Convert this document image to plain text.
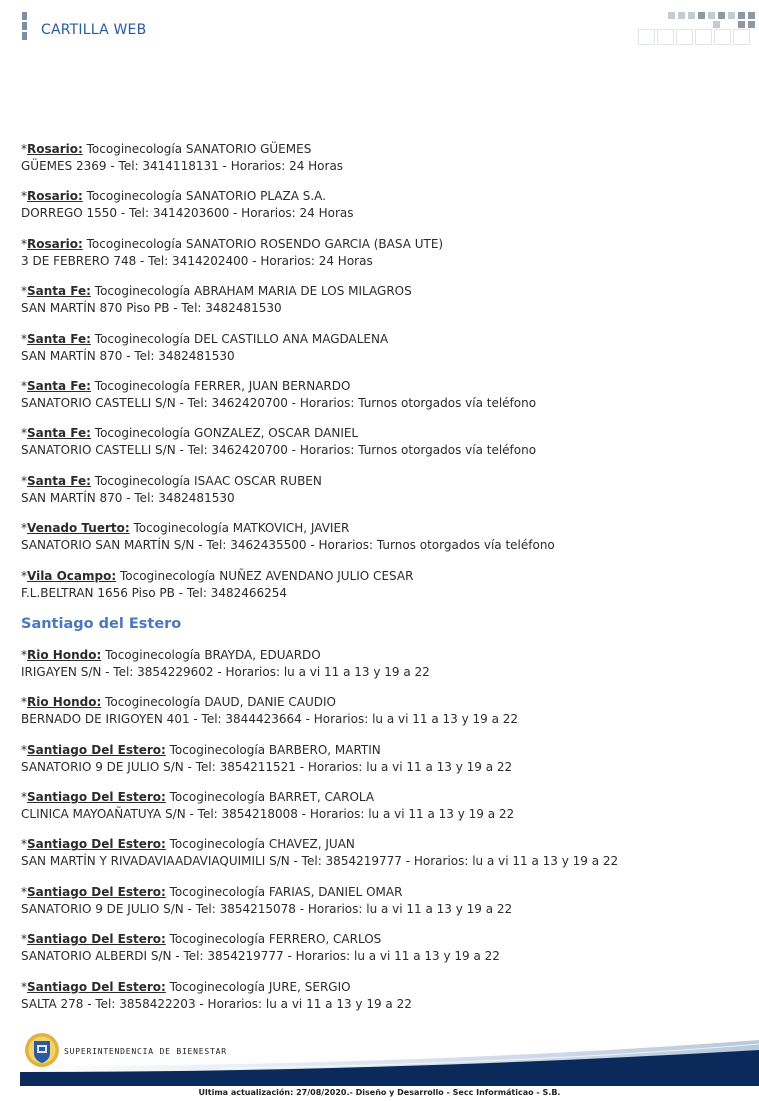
CARTILLA WEB
*Rosario: Tocoginecología SANATORIO GÜEMES
GÜEMES 2369 - Tel: 3414118131 - Horarios: 24 Horas
*Rosario: Tocoginecología SANATORIO PLAZA S.A.
DORREGO 1550 - Tel: 3414203600 - Horarios: 24 Horas
*Rosario: Tocoginecología SANATORIO ROSENDO GARCIA (BASA UTE)
3 DE FEBRERO 748 - Tel: 3414202400 - Horarios: 24 Horas
*Santa Fe: Tocoginecología ABRAHAM MARIA DE LOS MILAGROS
SAN MARTÍN 870 Piso PB - Tel: 3482481530
*Santa Fe: Tocoginecología DEL CASTILLO ANA MAGDALENA
SAN MARTÍN 870 - Tel: 3482481530
*Santa Fe: Tocoginecología FERRER, JUAN BERNARDO
SANATORIO CASTELLI S/N - Tel: 3462420700 - Horarios: Turnos otorgados vía teléfono
*Santa Fe: Tocoginecología GONZALEZ, OSCAR DANIEL
SANATORIO CASTELLI S/N - Tel: 3462420700 - Horarios: Turnos otorgados vía teléfono
*Santa Fe: Tocoginecología ISAAC OSCAR RUBEN
SAN MARTÍN 870 - Tel: 3482481530
*Venado Tuerto: Tocoginecología MATKOVICH, JAVIER
SANATORIO SAN MARTÍN S/N - Tel: 3462435500 - Horarios: Turnos otorgados vía teléfono
*Vila Ocampo: Tocoginecología NUÑEZ AVENDANO JULIO CESAR
F.L.BELTRAN 1656 Piso PB - Tel: 3482466254
Santiago del Estero
*Rio Hondo: Tocoginecología BRAYDA, EDUARDO
IRIGAYEN S/N - Tel: 3854229602 - Horarios: lu a vi 11 a 13 y 19 a 22
*Rio Hondo: Tocoginecología DAUD, DANIE CAUDIO
BERNADO DE IRIGOYEN 401 - Tel: 3844423664 - Horarios: lu a vi 11 a 13 y 19 a 22
*Santiago Del Estero: Tocoginecología BARBERO, MARTIN
SANATORIO 9 DE JULIO S/N - Tel: 3854211521 - Horarios: lu a vi 11 a 13 y 19 a 22
*Santiago Del Estero: Tocoginecología BARRET, CAROLA
CLINICA MAYOAÑATUYA S/N - Tel: 3854218008 - Horarios: lu a vi 11 a 13 y 19 a 22
*Santiago Del Estero: Tocoginecología CHAVEZ, JUAN
SAN MARTÍN Y RIVADAVIAADAVIAQUIMILI S/N - Tel: 3854219777 - Horarios: lu a vi 11 a 13 y 19 a 22
*Santiago Del Estero: Tocoginecología FARIAS, DANIEL OMAR
SANATORIO 9 DE JULIO S/N - Tel: 3854215078 - Horarios: lu a vi 11 a 13 y 19 a 22
*Santiago Del Estero: Tocoginecología FERRERO, CARLOS
SANATORIO ALBERDI S/N - Tel: 3854219777 - Horarios: lu a vi 11 a 13 y 19 a 22
*Santiago Del Estero: Tocoginecología JURE, SERGIO
SALTA 278 - Tel: 3858422203 - Horarios: lu a vi 11 a 13 y 19 a 22
SUPERINTENDENCIA DE BIENESTAR
Ultima actualización: 27/08/2020.- Diseño y Desarrollo - Secc Informáticao - S.B.
